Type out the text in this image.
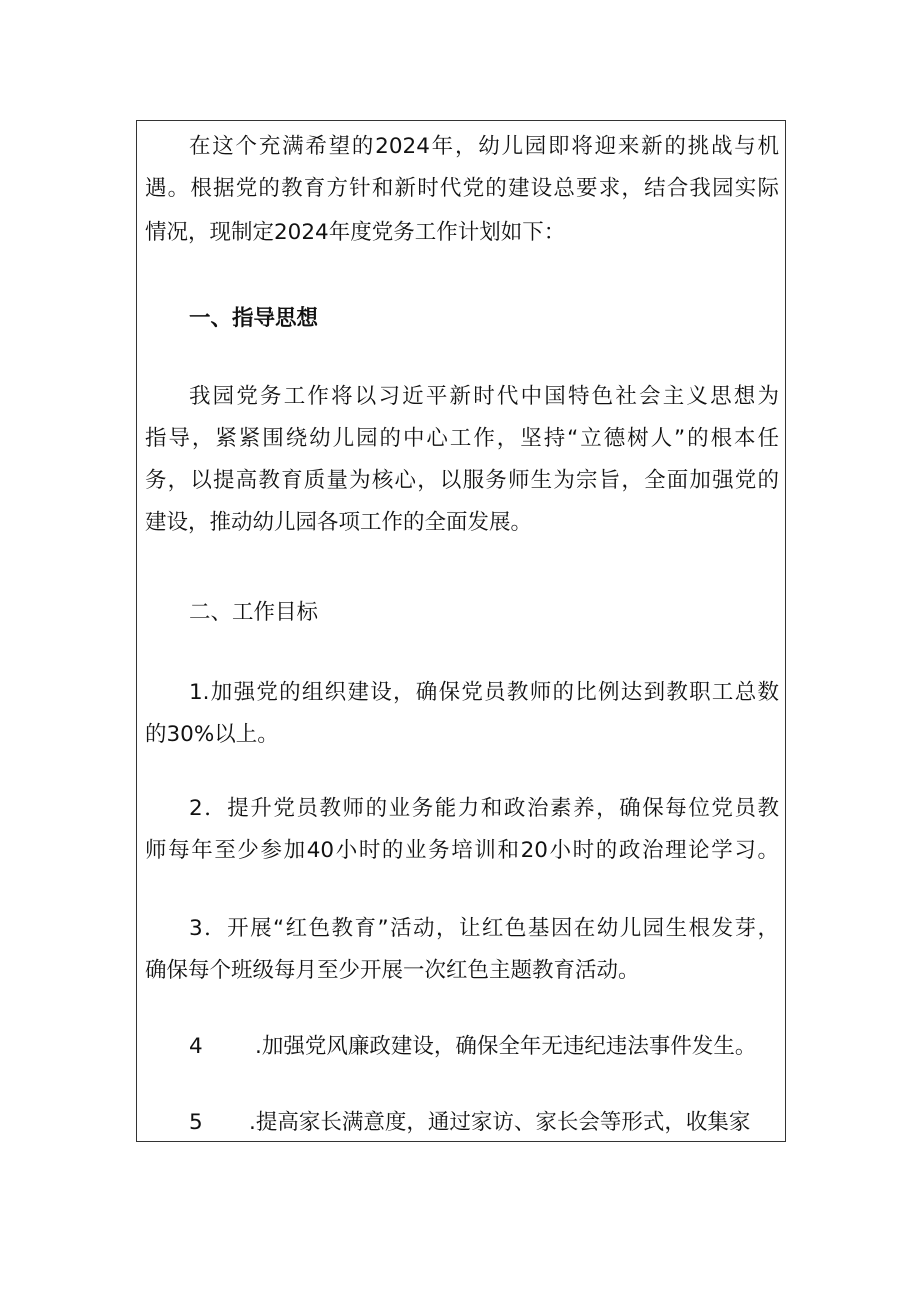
在这个充满希望的2024年，幼儿园即将迎来新的挑战与机
遇。根据党的教育方针和新时代党的建设总要求，结合我园实际
情况，现制定2024年度党务工作计划如下：
一、指导思想
我园党务工作将以习近平新时代中国特色社会主义思想为
指导，紧紧围绕幼儿园的中心工作，坚持“立德树人”的根本任
务，以提高教育质量为核心，以服务师生为宗旨，全面加强党的
建设，推动幼儿园各项工作的全面发展。
二、工作目标
1.加强党的组织建设，确保党员教师的比例达到教职工总数
的30%以上。
2．提升党员教师的业务能力和政治素养，确保每位党员教
师每年至少参加40小时的业务培训和20小时的政治理论学习。
3．开展“红色教育”活动，让红色基因在幼儿园生根发芽，
确保每个班级每月至少开展一次红色主题教育活动。
4 .加强党风廉政建设，确保全年无违纪违法事件发生。
5 .提高家长满意度，通过家访、家长会等形式，收集家
